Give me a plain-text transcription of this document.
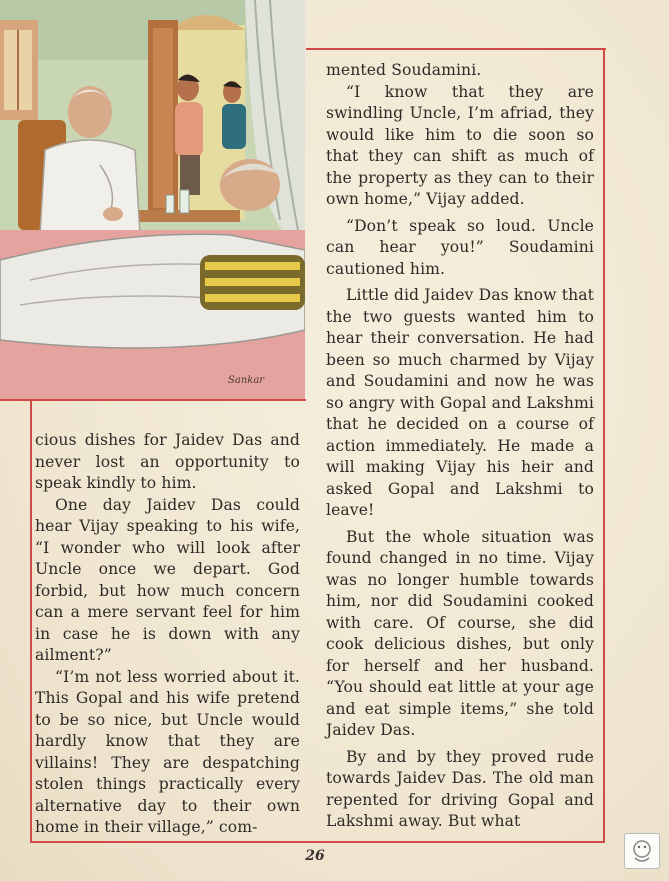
Sankar

cious dishes for Jaidev Das and never lost an opportunity to speak kindly to him.

One day Jaidev Das could hear Vijay speaking to his wife, “I wonder who will look after Uncle once we depart. God forbid, but how much concern can a mere servant feel for him in case he is down with any ailment?”

“I’m not less worried about it. This Gopal and his wife pretend to be so nice, but Uncle would hardly know that they are villains! They are despatching stolen things practically every alternative day to their own home in their village,” com-

mented Soudamini.

“I know that they are swindling Uncle, I’m afriad, they would like him to die soon so that they can shift as much of the property as they can to their own home,” Vijay added.

“Don’t speak so loud. Uncle can hear you!” Soudamini cautioned him.

Little did Jaidev Das know that the two guests wanted him to hear their conversation. He had been so much charmed by Vijay and Soudamini and now he was so angry with Gopal and Lakshmi that he decided on a course of action immediately. He made a will making Vijay his heir and asked Gopal and Lakshmi to leave!

But the whole situation was found changed in no time. Vijay was no longer humble towards him, nor did Soudamini cooked with care. Of course, she did cook delicious dishes, but only for herself and her husband. “You should eat little at your age and eat simple items,” she told Jaidev Das.

By and by they proved rude towards Jaidev Das. The old man repented for driving Gopal and Lakshmi away. But what

26
